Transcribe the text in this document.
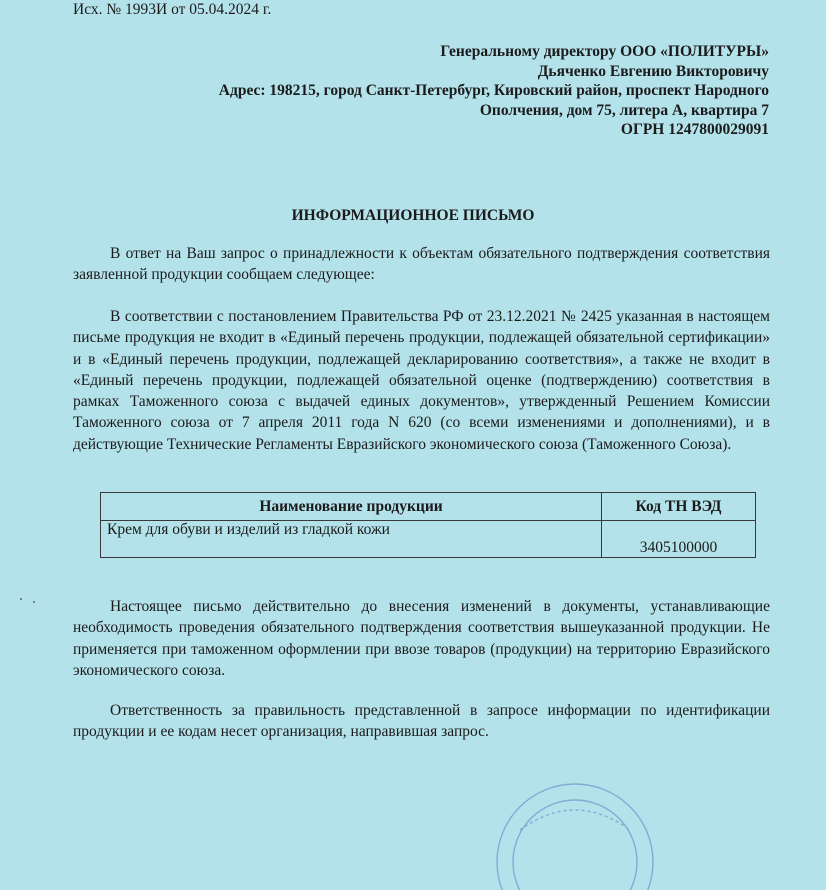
Исх. № 1993И от 05.04.2024 г.
Генеральному директору ООО «ПОЛИТУРЫ»
Дьяченко Евгению Викторовичу
Адрес: 198215, город Санкт-Петербург, Кировский район, проспект Народного
Ополчения, дом 75, литера А, квартира 7
ОГРН 1247800029091
ИНФОРМАЦИОННОЕ ПИСЬМО

В ответ на Ваш запрос о принадлежности к объектам обязательного подтверждения соответствия заявленной продукции сообщаем следующее:

В соответствии с постановлением Правительства РФ от 23.12.2021 № 2425 указанная в настоящем письме продукция не входит в «Единый перечень продукции, подлежащей обязательной сертификации» и в «Единый перечень продукции, подлежащей декларированию соответствия», а также не входит в «Единый перечень продукции, подлежащей обязательной оценке (подтверждению) соответствия в рамках Таможенного союза с выдачей единых документов», утвержденный Решением Комиссии Таможенного союза от 7 апреля 2011 года N 620 (со всеми изменениями и дополнениями), и в действующие Технические Регламенты Евразийского экономического союза (Таможенного Союза).

Наименование продукции	Код ТН ВЭД
Крем для обуви и изделий из гладкой кожи	3405100000

Настоящее письмо действительно до внесения изменений в документы, устанавливающие необходимость проведения обязательного подтверждения соответствия вышеуказанной продукции. Не применяется при таможенном оформлении при ввозе товаров (продукции) на территорию Евразийского экономического союза.

Ответственность за правильность представленной в запросе информации по идентификации продукции и ее кодам несет организация, направившая запрос.
